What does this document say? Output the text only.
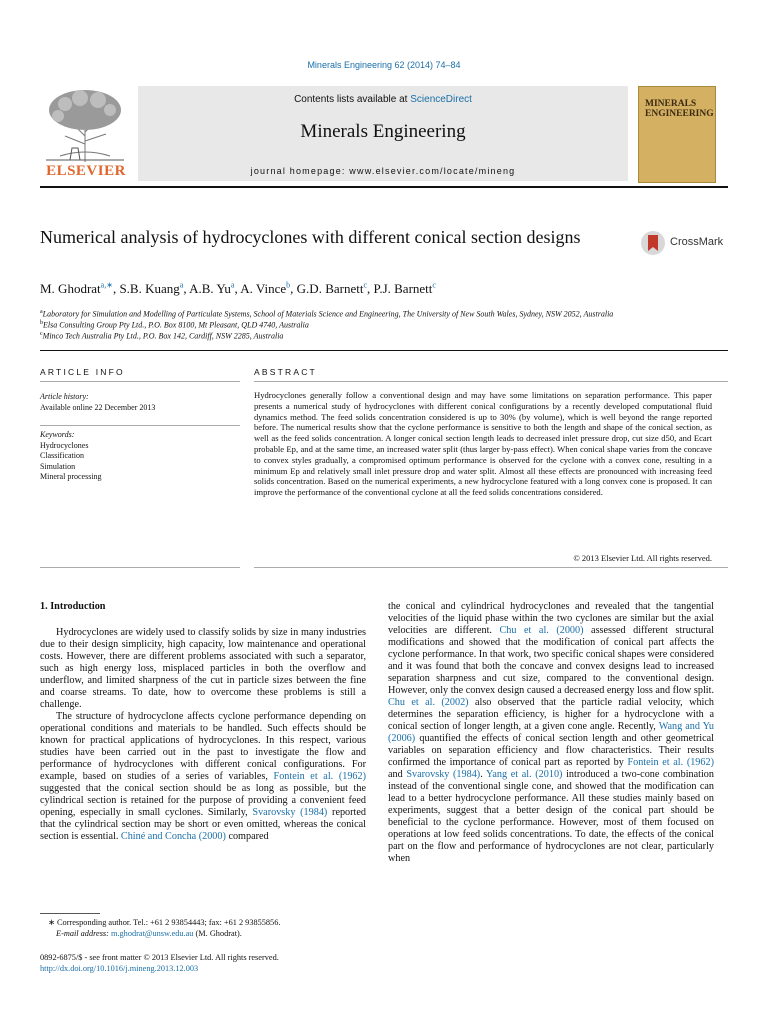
Minerals Engineering 62 (2014) 74–84
ELSEVIER
Contents lists available at ScienceDirect
Minerals Engineering
journal homepage: www.elsevier.com/locate/mineng
MINERALS
ENGINEERING
Numerical analysis of hydrocyclones with different conical section designs	CrossMark
M. Ghodrat$^{a,∗}$, S.B. Kuang$^a$, A.B. Yu$^a$, A. Vince$^b$, G.D. Barnett$^c$, P.J. Barnett$^c$
$^a$Laboratory for Simulation and Modelling of Particulate Systems, School of Materials Science and Engineering, The University of New South Wales, Sydney, NSW 2052, Australia
$^b$Elsa Consulting Group Pty Ltd., P.O. Box 8100, Mt Pleasant, QLD 4740, Australia
$^c$Minco Tech Australia Pty Ltd., P.O. Box 142, Cardiff, NSW 2285, Australia
ARTICLE INFO
Article history:
Available online 22 December 2013
Keywords:
Hydrocyclones
Classification
Simulation
Mineral processing
ABSTRACT
Hydrocyclones generally follow a conventional design and may have some limitations on separation performance. This paper presents a numerical study of hydrocyclones with different conical configurations by a recently developed computational fluid dynamics method. The feed solids concentration considered is up to 30% (by volume), which is well beyond the range reported before. The numerical results show that the cyclone performance is sensitive to both the length and shape of the conical section, as well as the feed solids concentration. A longer conical section length leads to decreased inlet pressure drop, cut size d50, and Ecart probable Ep, and at the same time, an increased water split (thus larger by-pass effect). When conical shape varies from the concave to convex styles gradually, a compromised optimum performance is observed for the cyclone with a convex cone, resulting in a minimum Ep and relatively small inlet pressure drop and water split. Almost all these effects are pronounced with increasing feed solids concentration. Based on the numerical experiments, a new hydrocyclone featured with a long convex cone is proposed. It can improve the performance of the conventional cyclone at all the feed solids concentrations considered.
© 2013 Elsevier Ltd. All rights reserved.
1. Introduction

Hydrocyclones are widely used to classify solids by size in many industries due to their design simplicity, high capacity, low maintenance and operational costs. However, there are different problems associated with such a separator, such as high energy loss, misplaced particles in both the overflow and underflow, and limited sharpness of the cut in particle sizes between the fine and coarse streams. To date, how to overcome these problems is still a challenge.

The structure of hydrocyclone affects cyclone performance depending on operational conditions and materials to be handled. Such effects should be known for practical applications of hydrocyclones. In this respect, various studies have been carried out in the past to investigate the flow and performance of hydrocyclones with different conical configurations. For example, based on studies of a series of variables, Fontein et al. (1962) suggested that the conical section should be as long as possible, but the cylindrical section is retained for the purpose of providing a convenient feed opening, especially in small cyclones. Similarly, Svarovsky (1984) reported that the cylindrical section may be short or even omitted, whereas the conical section is essential. Chiné and Concha (2000) compared

the conical and cylindrical hydrocyclones and revealed that the tangential velocities of the liquid phase within the two cyclones are similar but the axial velocities are different. Chu et al. (2000) assessed different structural modifications and showed that the modification of conical part affects the cyclone performance. In that work, two specific conical shapes were considered and it was found that both the concave and convex designs lead to increased separation sharpness and cut size, compared to the conventional design. However, only the convex design caused a decreased energy loss and flow split. Chu et al. (2002) also observed that the particle radial velocity, which determines the separation efficiency, is higher for a hydrocyclone with a conical section of longer length, at a given cone angle. Recently, Wang and Yu (2006) quantified the effects of conical section length and other geometrical variables on separation efficiency and flow characteristics. Their results confirmed the importance of conical part as reported by Fontein et al. (1962) and Svarovsky (1984). Yang et al. (2010) introduced a two-cone combination instead of the conventional single cone, and showed that the modification can lead to a better hydrocyclone performance. All these studies mainly based on experiments, suggest that a better design of the conical part should be beneficial to the cyclone performance. However, most of them focused on operations at low feed solids concentrations. To date, the effects of the conical part on the flow and performance of hydrocyclones are not clear, particularly when

∗ Corresponding author. Tel.: +61 2 93854443; fax: +61 2 93855856.
E-mail address: m.ghodrat@unsw.edu.au (M. Ghodrat).
0892-6875/$ - see front matter © 2013 Elsevier Ltd. All rights reserved.
http://dx.doi.org/10.1016/j.mineng.2013.12.003
